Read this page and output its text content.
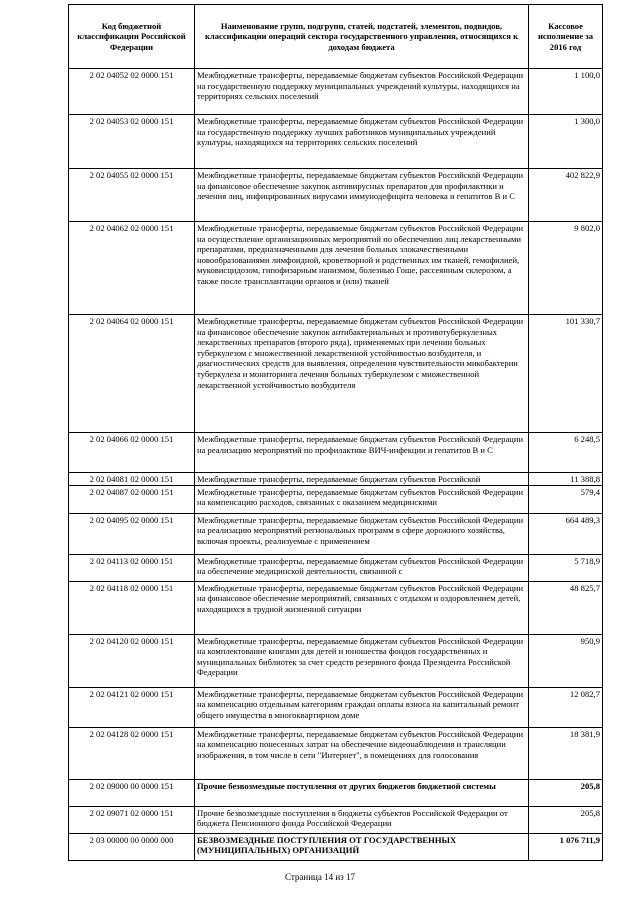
Код бюджетной классификации Российской Федерации	Наименование групп, подгрупп, статей, подстатей, элементов, подвидов, классификации операций сектора государственного управления, относящихся к доходам бюджета	Кассовое исполнение за 2016 год
2 02 04052 02 0000 151	Межбюджетные трансферты, передаваемые бюджетам субъектов Российской Федерации на государственную поддержку муниципальных учреждений культуры, находящихся на территориях сельских поселений	1 100,0
2 02 04053 02 0000 151	Межбюджетные трансферты, передаваемые бюджетам субъектов Российской Федерации на государственную поддержку лучших работников муниципальных учреждений культуры, находящихся на территориях сельских поселений	1 300,0
2 02 04055 02 0000 151	Межбюджетные трансферты, передаваемые бюджетам субъектов Российской Федерации на финансовое обеспечение закупок антивирусных препаратов для профилактики и лечения лиц, инфицированных вирусами иммунодефицита человека и гепатитов В и С	402 822,9
2 02 04062 02 0000 151	Межбюджетные трансферты, передаваемые бюджетам субъектов Российской Федерации на осуществление организационных мероприятий по обеспечению лиц лекарственными препаратами, предназначенными для лечения больных злокачественными новообразованиями лимфоидной, кроветворной и родственных им тканей, гемофилией, муковисцидозом, гипофизарным нанизмом, болезнью Гоше, рассеянным склерозом, а также после трансплантации органов и (или) тканей	9 802,0
2 02 04064 02 0000 151	Межбюджетные трансферты, передаваемые бюджетам субъектов Российской Федерации на финансовое обеспечение закупок антибактериальных и противотуберкулезных лекарственных препаратов (второго ряда), применяемых при лечении больных туберкулезом с множественной лекарственной устойчивостью возбудителя, и диагностических средств для выявления, определения чувствительности микобактерии туберкулеза и мониторинга лечения больных туберкулезом с множественной лекарственной устойчивостью возбудителя	101 330,7
2 02 04066 02 0000 151	Межбюджетные трансферты, передаваемые бюджетам субъектов Российской Федерации на реализацию мероприятий по профилактике ВИЧ-инфекции и гепатитов В и С	6 248,5
2 02 04081 02 0000 151	Межбюджетные трансферты, передаваемые бюджетам субъектов Российской	11 388,8
2 02 04087 02 0000 151	Межбюджетные трансферты, передаваемые бюджетам субъектов Российской Федерации на компенсацию расходов, связанных с оказанием медицинскими	579,4
2 02 04095 02 0000 151	Межбюджетные трансферты, передаваемые бюджетам субъектов Российской Федерации на реализацию мероприятий региональных программ в сфере дорожного хозяйства, включая проекты, реализуемые с применением	664 489,3
2 02 04113 02 0000 151	Межбюджетные трансферты, передаваемые бюджетам субъектов Российской Федерации на обеспечение медицинской деятельности, связанной с	5 718,9
2 02 04118 02 0000 151	Межбюджетные трансферты, передаваемые бюджетам субъектов Российской Федерации на финансовое обеспечение мероприятий, связанных с отдыхом и оздоровлением детей, находящихся в трудной жизненной ситуации	48 825,7
2 02 04120 02 0000 151	Межбюджетные трансферты, передаваемые бюджетам субъектов Российской Федерации на комплектование книгами для детей и юношества фондов государственных и муниципальных библиотек за счет средств резервного фонда Президента Российской Федерации	950,9
2 02 04121 02 0000 151	Межбюджетные трансферты, передаваемые бюджетам субъектов Российской Федерации на компенсацию отдельным категориям граждан оплаты взноса на капитальный ремонт общего имущества в многоквартирном доме	12 082,7
2 02 04128 02 0000 151	Межбюджетные трансферты, передаваемые бюджетам субъектов Российской Федерации на компенсацию понесенных затрат на обеспечение видеонаблюдения и трансляции изображения, в том числе в сети "Интернет", в помещениях для голосования	18 381,9
2 02 09000 00 0000 151	Прочие безвозмездные поступления от других бюджетов бюджетной системы	205,8
2 02 09071 02 0000 151	Прочие безвозмездные поступления в бюджеты субъектов Российской Федерации от бюджета Пенсионного фонда Российской Федерации	205,8
2 03 00000 00 0000 000	БЕЗВОЗМЕЗДНЫЕ ПОСТУПЛЕНИЯ ОТ ГОСУДАРСТВЕННЫХ (МУНИЦИПАЛЬНЫХ) ОРГАНИЗАЦИЙ	1 076 711,9
Страница 14 из 17
